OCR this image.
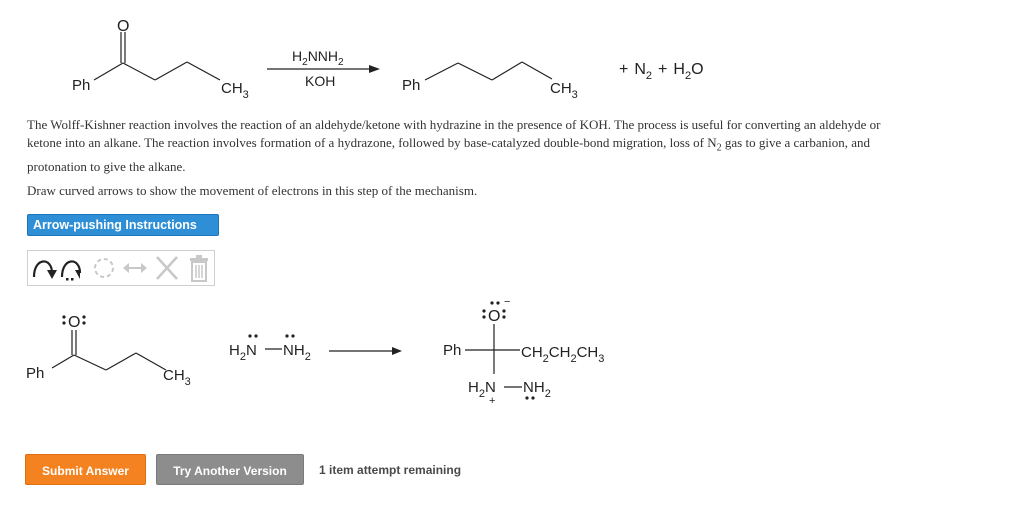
O
Ph	$CH_3$
$H_2NNH_2$
KOH	Ph	$CH_3$
+ $N_2 + H_2O$
The Wolff-Kishner reaction involves the reaction of an aldehyde/ketone with hydrazine in the presence of KOH. The process is useful for converting an aldehyde or
ketone into an alkane. The reaction involves formation of a hydrazone, followed by base-catalyzed double-bond migration, loss of $N_2$ gas to give a carbanion, and
protonation to give the alkane.
Draw curved arrows to show the movement of electrons in this step of the mechanism.
Arrow-pushing Instructions
O
Ph	$CH_3$
$H_2N$ $NH_2$
O
−
Ph	$CH_2CH_2CH_3$
$H_2N$
+
$NH_2$
Submit Answer	Try Another Version	1 item attempt remaining
